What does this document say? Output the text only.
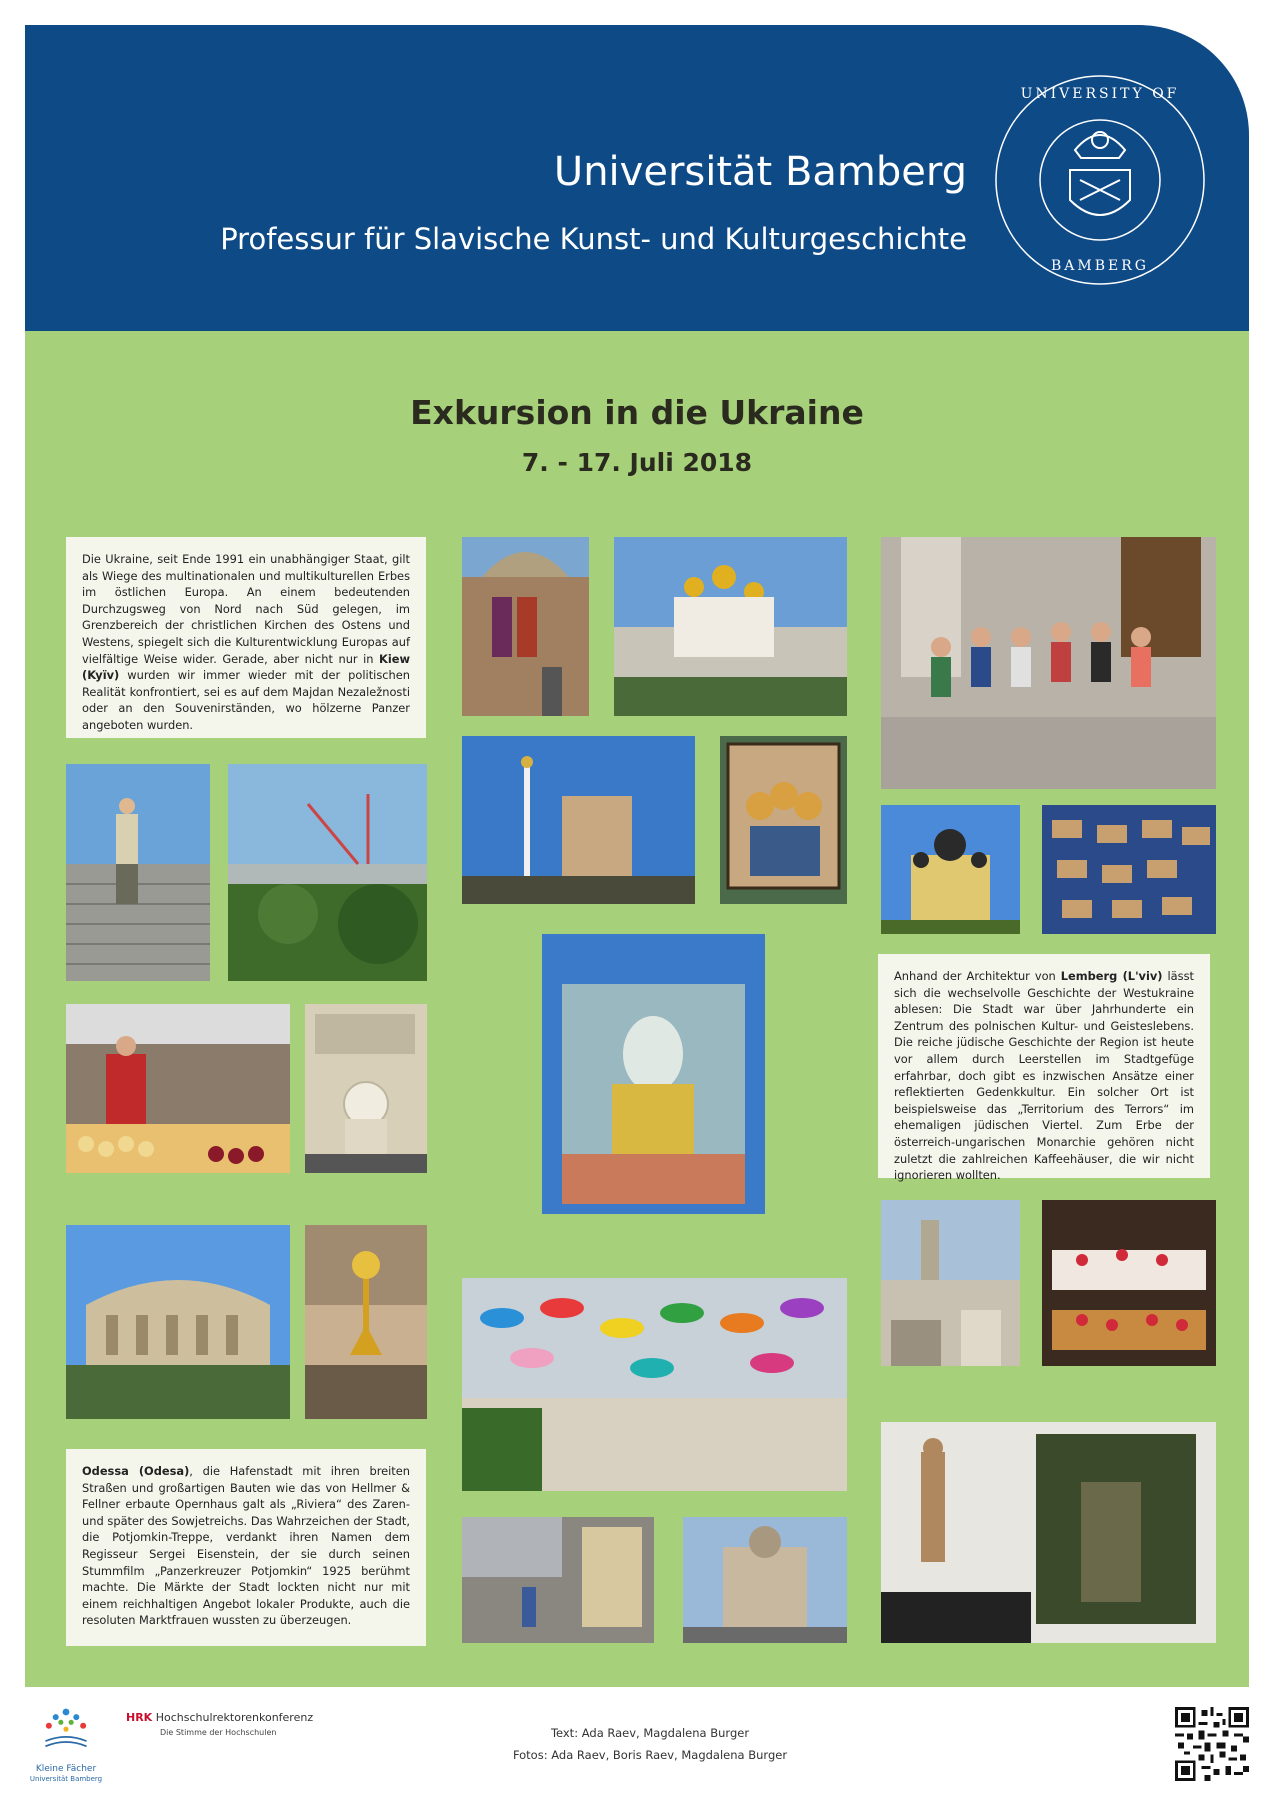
Universität Bamberg
Professur für Slavische Kunst- und Kulturgeschichte
UNIVERSITY OF
BAMBERG
Exkursion in die Ukraine
7. - 17. Juli 2018
Die Ukraine, seit Ende 1991 ein unabhängiger Staat, gilt als Wiege des multinationalen und multikulturellen Erbes im östlichen Europa. An einem bedeutenden Durchzugsweg von Nord nach Süd gelegen, im Grenzbereich der christlichen Kirchen des Ostens und Westens, spiegelt sich die Kulturentwicklung Europas auf vielfältige Weise wider. Gerade, aber nicht nur in Kiew (Kyïv) wurden wir immer wieder mit der politischen Realität konfrontiert, sei es auf dem Majdan Nezaležnosti oder an den Souvenirständen, wo hölzerne Panzer angeboten wurden.
Anhand der Architektur von Lemberg (L'viv) lässt sich die wechselvolle Geschichte der Westukraine ablesen: Die Stadt war über Jahrhunderte ein Zentrum des polnischen Kultur- und Geisteslebens. Die reiche jüdische Geschichte der Region ist heute vor allem durch Leerstellen im Stadtgefüge erfahrbar, doch gibt es inzwischen Ansätze einer reflektierten Gedenkkultur. Ein solcher Ort ist beispielsweise das „Territorium des Terrors“ im ehemaligen jüdischen Viertel. Zum Erbe der österreich-ungarischen Monarchie gehören nicht zuletzt die zahlreichen Kaffeehäuser, die wir nicht ignorieren wollten.
Odessa (Odesa), die Hafenstadt mit ihren breiten Straßen und großartigen Bauten wie das von Hellmer & Fellner erbaute Opernhaus galt als „Riviera“ des Zaren- und später des Sowjetreichs. Das Wahrzeichen der Stadt, die Potjomkin-Treppe, verdankt ihren Namen dem Regisseur Sergei Eisenstein, der sie durch seinen Stummfilm „Panzerkreuzer Potjomkin“ 1925 berühmt machte. Die Märkte der Stadt lockten nicht nur mit einem reichhaltigen Angebot lokaler Produkte, auch die resoluten Marktfrauen wussten zu überzeugen.
Kleine Fächer
Universität Bamberg
HRK Hochschulrektorenkonferenz
Die Stimme der Hochschulen	Text: Ada Raev, Magdalena Burger
Fotos: Ada Raev, Boris Raev, Magdalena Burger
